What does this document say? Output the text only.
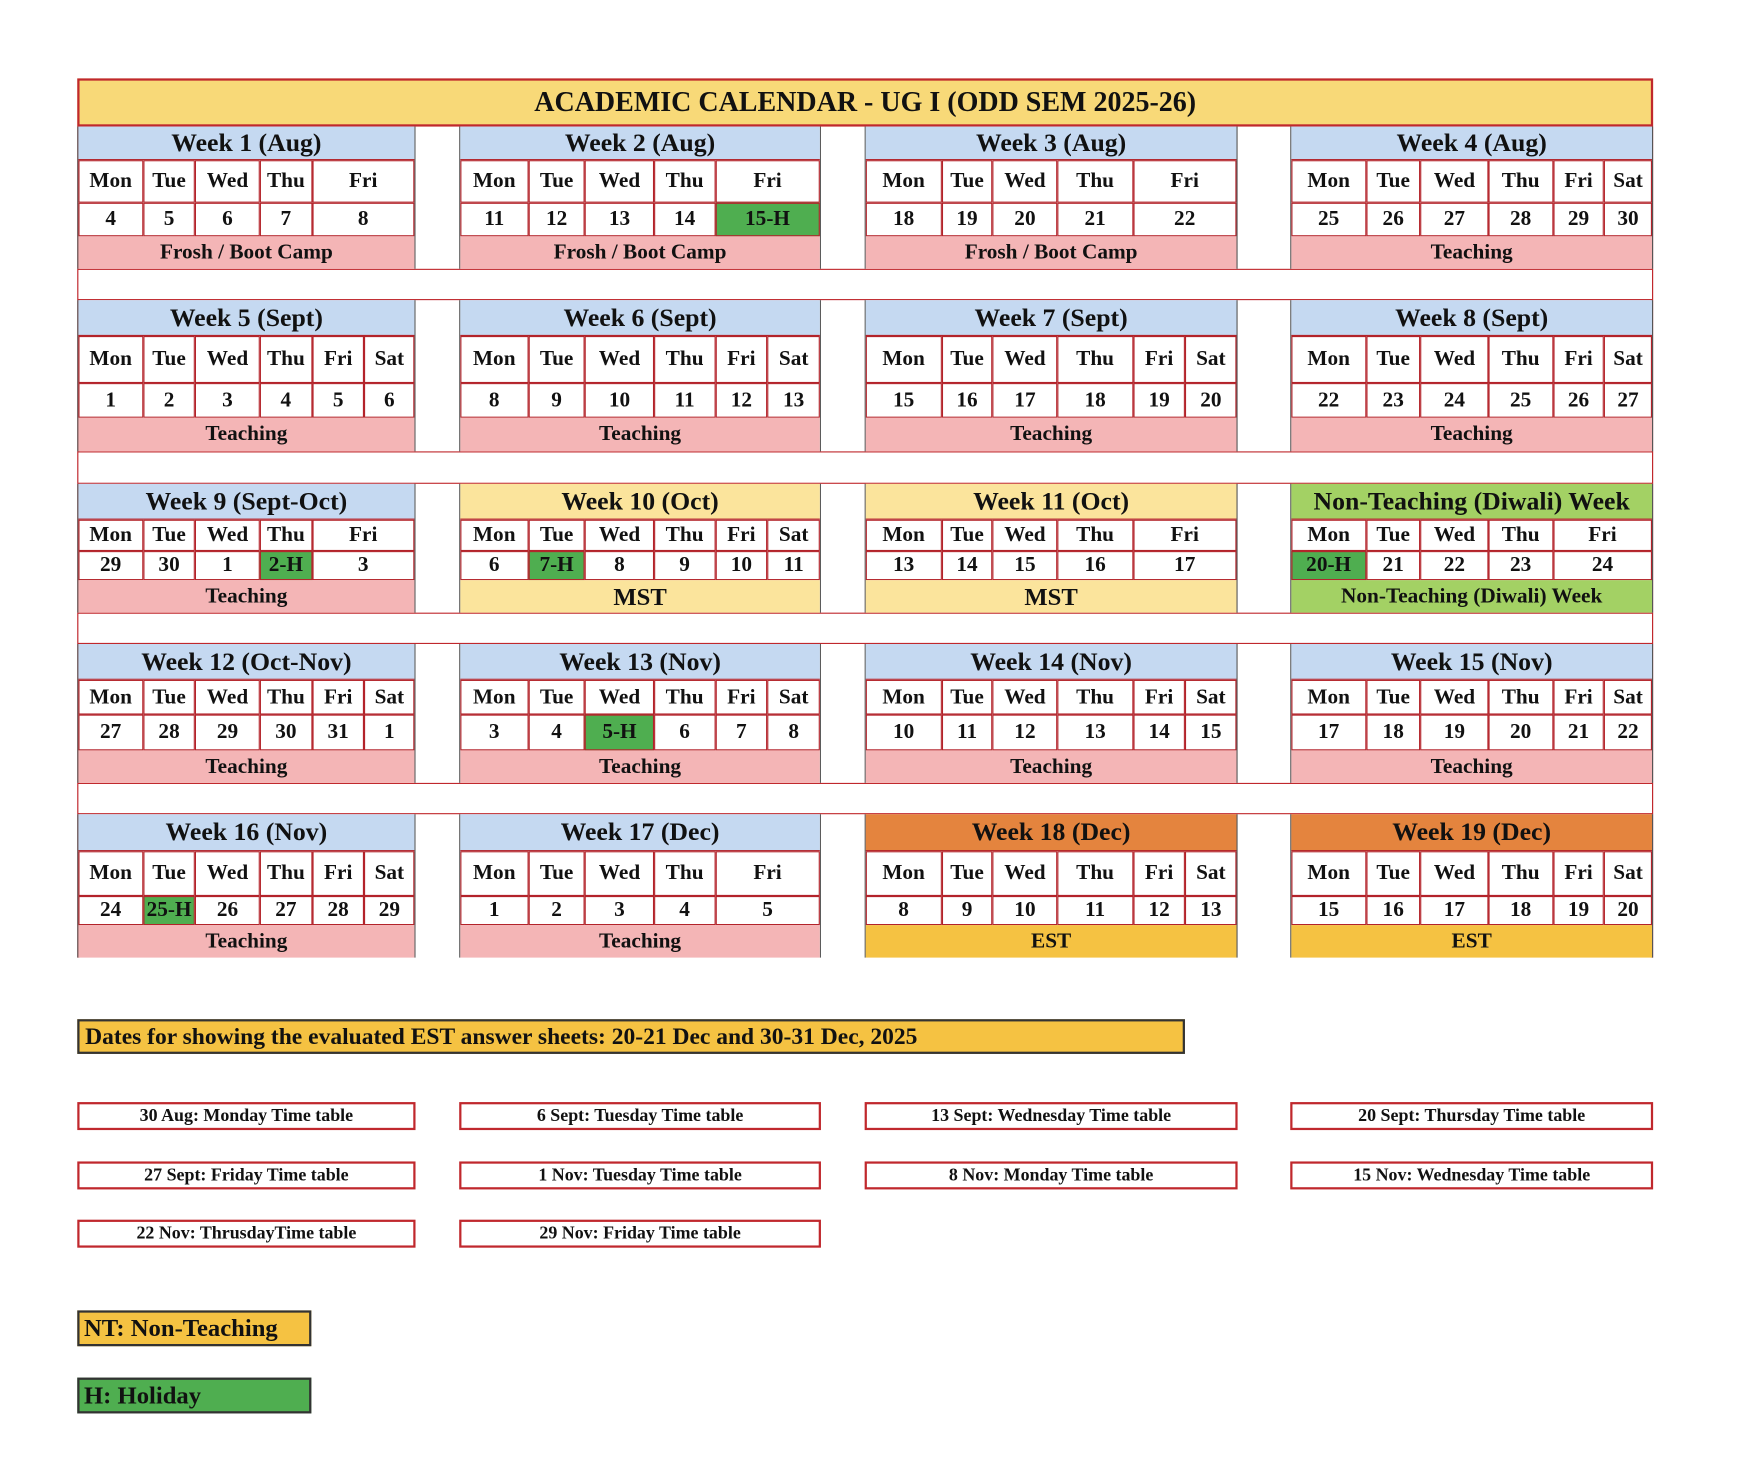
ACADEMIC CALENDAR - UG I (ODD SEM 2025-26)
Week 1 (Aug)
Mon	Tue	Wed Thu	Fri
4	5	6	7	8
Frosh / Boot Camp
Week 2 (Aug)
Mon	Tue	Wed	Thu	Fri
11	12	13	14	15-H
Frosh / Boot Camp
Week 3 (Aug)
Mon	Tue	Wed	Thu	Fri
18	19	20	21	22
Frosh / Boot Camp
Week 4 (Aug)
Mon	Tue	Wed	Thu	Fri	Sat
25	26	27	28	29	30
Teaching
Week 5 (Sept)
Mon	Tue	Wed Thu	Fri	Sat
1	2	3	4	5	6
Teaching
Week 6 (Sept)
Mon	Tue	Wed	Thu	Fri	Sat
8	9	10	11	12	13
Teaching
Week 7 (Sept)
Mon	Tue	Wed	Thu	Fri	Sat
15	16	17	18	19	20
Teaching
Week 8 (Sept)
Mon	Tue	Wed	Thu	Fri	Sat
22	23	24	25	26	27
Teaching
Week 9 (Sept-Oct)
Mon	Tue	Wed Thu	Fri
29	30	1	2-H	3
Teaching
Week 10 (Oct)
Mon	Tue	Wed	Thu	Fri	Sat
6	7-H	8	9	10	11
MST
Week 11 (Oct)
Mon	Tue	Wed	Thu	Fri
13	14	15	16	17
MST
Non-Teaching (Diwali) Week
Mon	Tue	Wed	Thu	Fri
20-H	21	22	23	24
Non-Teaching (Diwali) Week
Week 12 (Oct-Nov)
Mon	Tue	Wed Thu	Fri	Sat
27	28	29	30	31	1
Teaching
Week 13 (Nov)
Mon	Tue	Wed	Thu	Fri	Sat
3	4	5-H	6	7	8
Teaching
Week 14 (Nov)
Mon	Tue	Wed	Thu	Fri	Sat
10	11	12	13	14	15
Teaching
Week 15 (Nov)
Mon	Tue	Wed	Thu	Fri	Sat
17	18	19	20	21	22
Teaching
Week 16 (Nov)
Mon	Tue	Wed Thu	Fri	Sat
24	25-H	26	27	28	29
Teaching
Week 17 (Dec)
Mon	Tue	Wed	Thu	Fri
1	2	3	4	5
Teaching
Week 18 (Dec)
Mon	Tue	Wed	Thu	Fri	Sat
8	9	10	11	12	13
EST
Week 19 (Dec)
Mon	Tue	Wed	Thu	Fri	Sat
15	16	17	18	19	20
EST
Dates for showing the evaluated EST answer sheets: 20-21 Dec and 30-31 Dec, 2025
30 Aug: Monday Time table	6 Sept: Tuesday Time table	13 Sept: Wednesday Time table	20 Sept: Thursday Time table
27 Sept: Friday Time table	1 Nov: Tuesday Time table	8 Nov: Monday Time table	15 Nov: Wednesday Time table
22 Nov: ThrusdayTime table	29 Nov: Friday Time table
NT: Non-Teaching
H: Holiday
